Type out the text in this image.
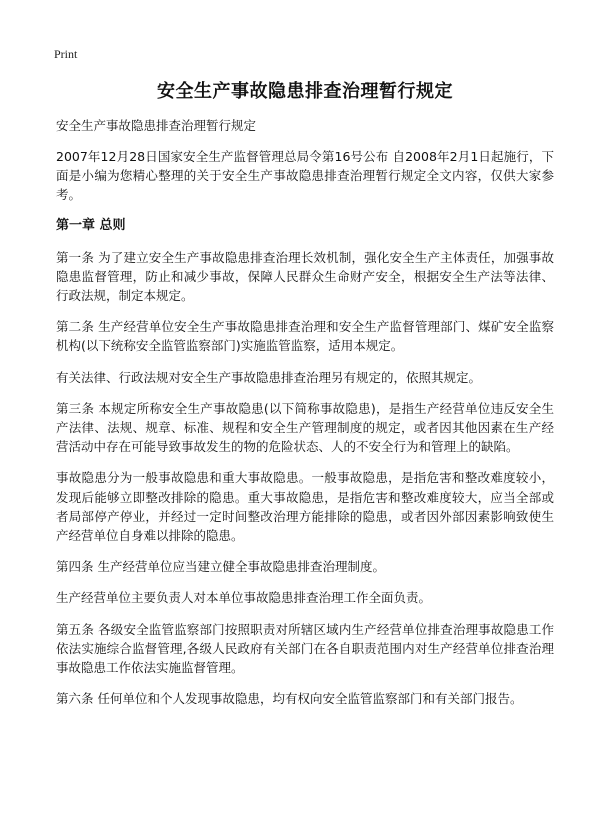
Print
安全生产事故隐患排查治理暂行规定

安全生产事故隐患排查治理暂行规定

2007年12月28日国家安全生产监督管理总局令第16号公布 自2008年2月1日起施行，下面是小编为您精心整理的关于安全生产事故隐患排查治理暂行规定全文内容，仅供大家参考。

第一章 总则

第一条 为了建立安全生产事故隐患排查治理长效机制，强化安全生产主体责任，加强事故隐患监督管理，防止和减少事故，保障人民群众生命财产安全，根据安全生产法等法律、行政法规，制定本规定。

第二条 生产经营单位安全生产事故隐患排查治理和安全生产监督管理部门、煤矿安全监察机构(以下统称安全监管监察部门)实施监管监察，适用本规定。

有关法律、行政法规对安全生产事故隐患排查治理另有规定的，依照其规定。

第三条 本规定所称安全生产事故隐患(以下简称事故隐患)，是指生产经营单位违反安全生产法律、法规、规章、标准、规程和安全生产管理制度的规定，或者因其他因素在生产经营活动中存在可能导致事故发生的物的危险状态、人的不安全行为和管理上的缺陷。

事故隐患分为一般事故隐患和重大事故隐患。一般事故隐患，是指危害和整改难度较小，发现后能够立即整改排除的隐患。重大事故隐患，是指危害和整改难度较大，应当全部或者局部停产停业，并经过一定时间整改治理方能排除的隐患，或者因外部因素影响致使生产经营单位自身难以排除的隐患。

第四条 生产经营单位应当建立健全事故隐患排查治理制度。

生产经营单位主要负责人对本单位事故隐患排查治理工作全面负责。

第五条 各级安全监管监察部门按照职责对所辖区域内生产经营单位排查治理事故隐患工作依法实施综合监督管理,各级人民政府有关部门在各自职责范围内对生产经营单位排查治理事故隐患工作依法实施监督管理。

第六条 任何单位和个人发现事故隐患，均有权向安全监管监察部门和有关部门报告。
